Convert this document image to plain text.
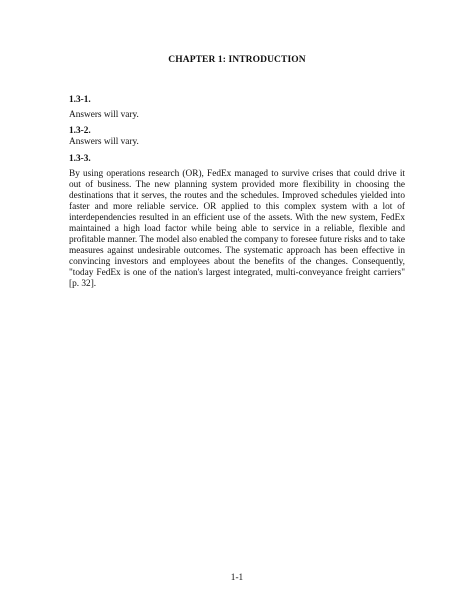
CHAPTER 1: INTRODUCTION

1.3-1.

Answers will vary.

1.3-2.

Answers will vary.

1.3-3.

By using operations research (OR), FedEx managed to survive crises that could drive it out of business. The new planning system provided more flexibility in choosing the destinations that it serves, the routes and the schedules. Improved schedules yielded into faster and more reliable service. OR applied to this complex system with a lot of interdependencies resulted in an efficient use of the assets. With the new system, FedEx maintained a high load factor while being able to service in a reliable, flexible and profitable manner. The model also enabled the company to foresee future risks and to take measures against undesirable outcomes. The systematic approach has been effective in convincing investors and employees about the benefits of the changes. Consequently, "today FedEx is one of the nation's largest integrated, multi-conveyance freight carriers" [p. 32].

1-1
